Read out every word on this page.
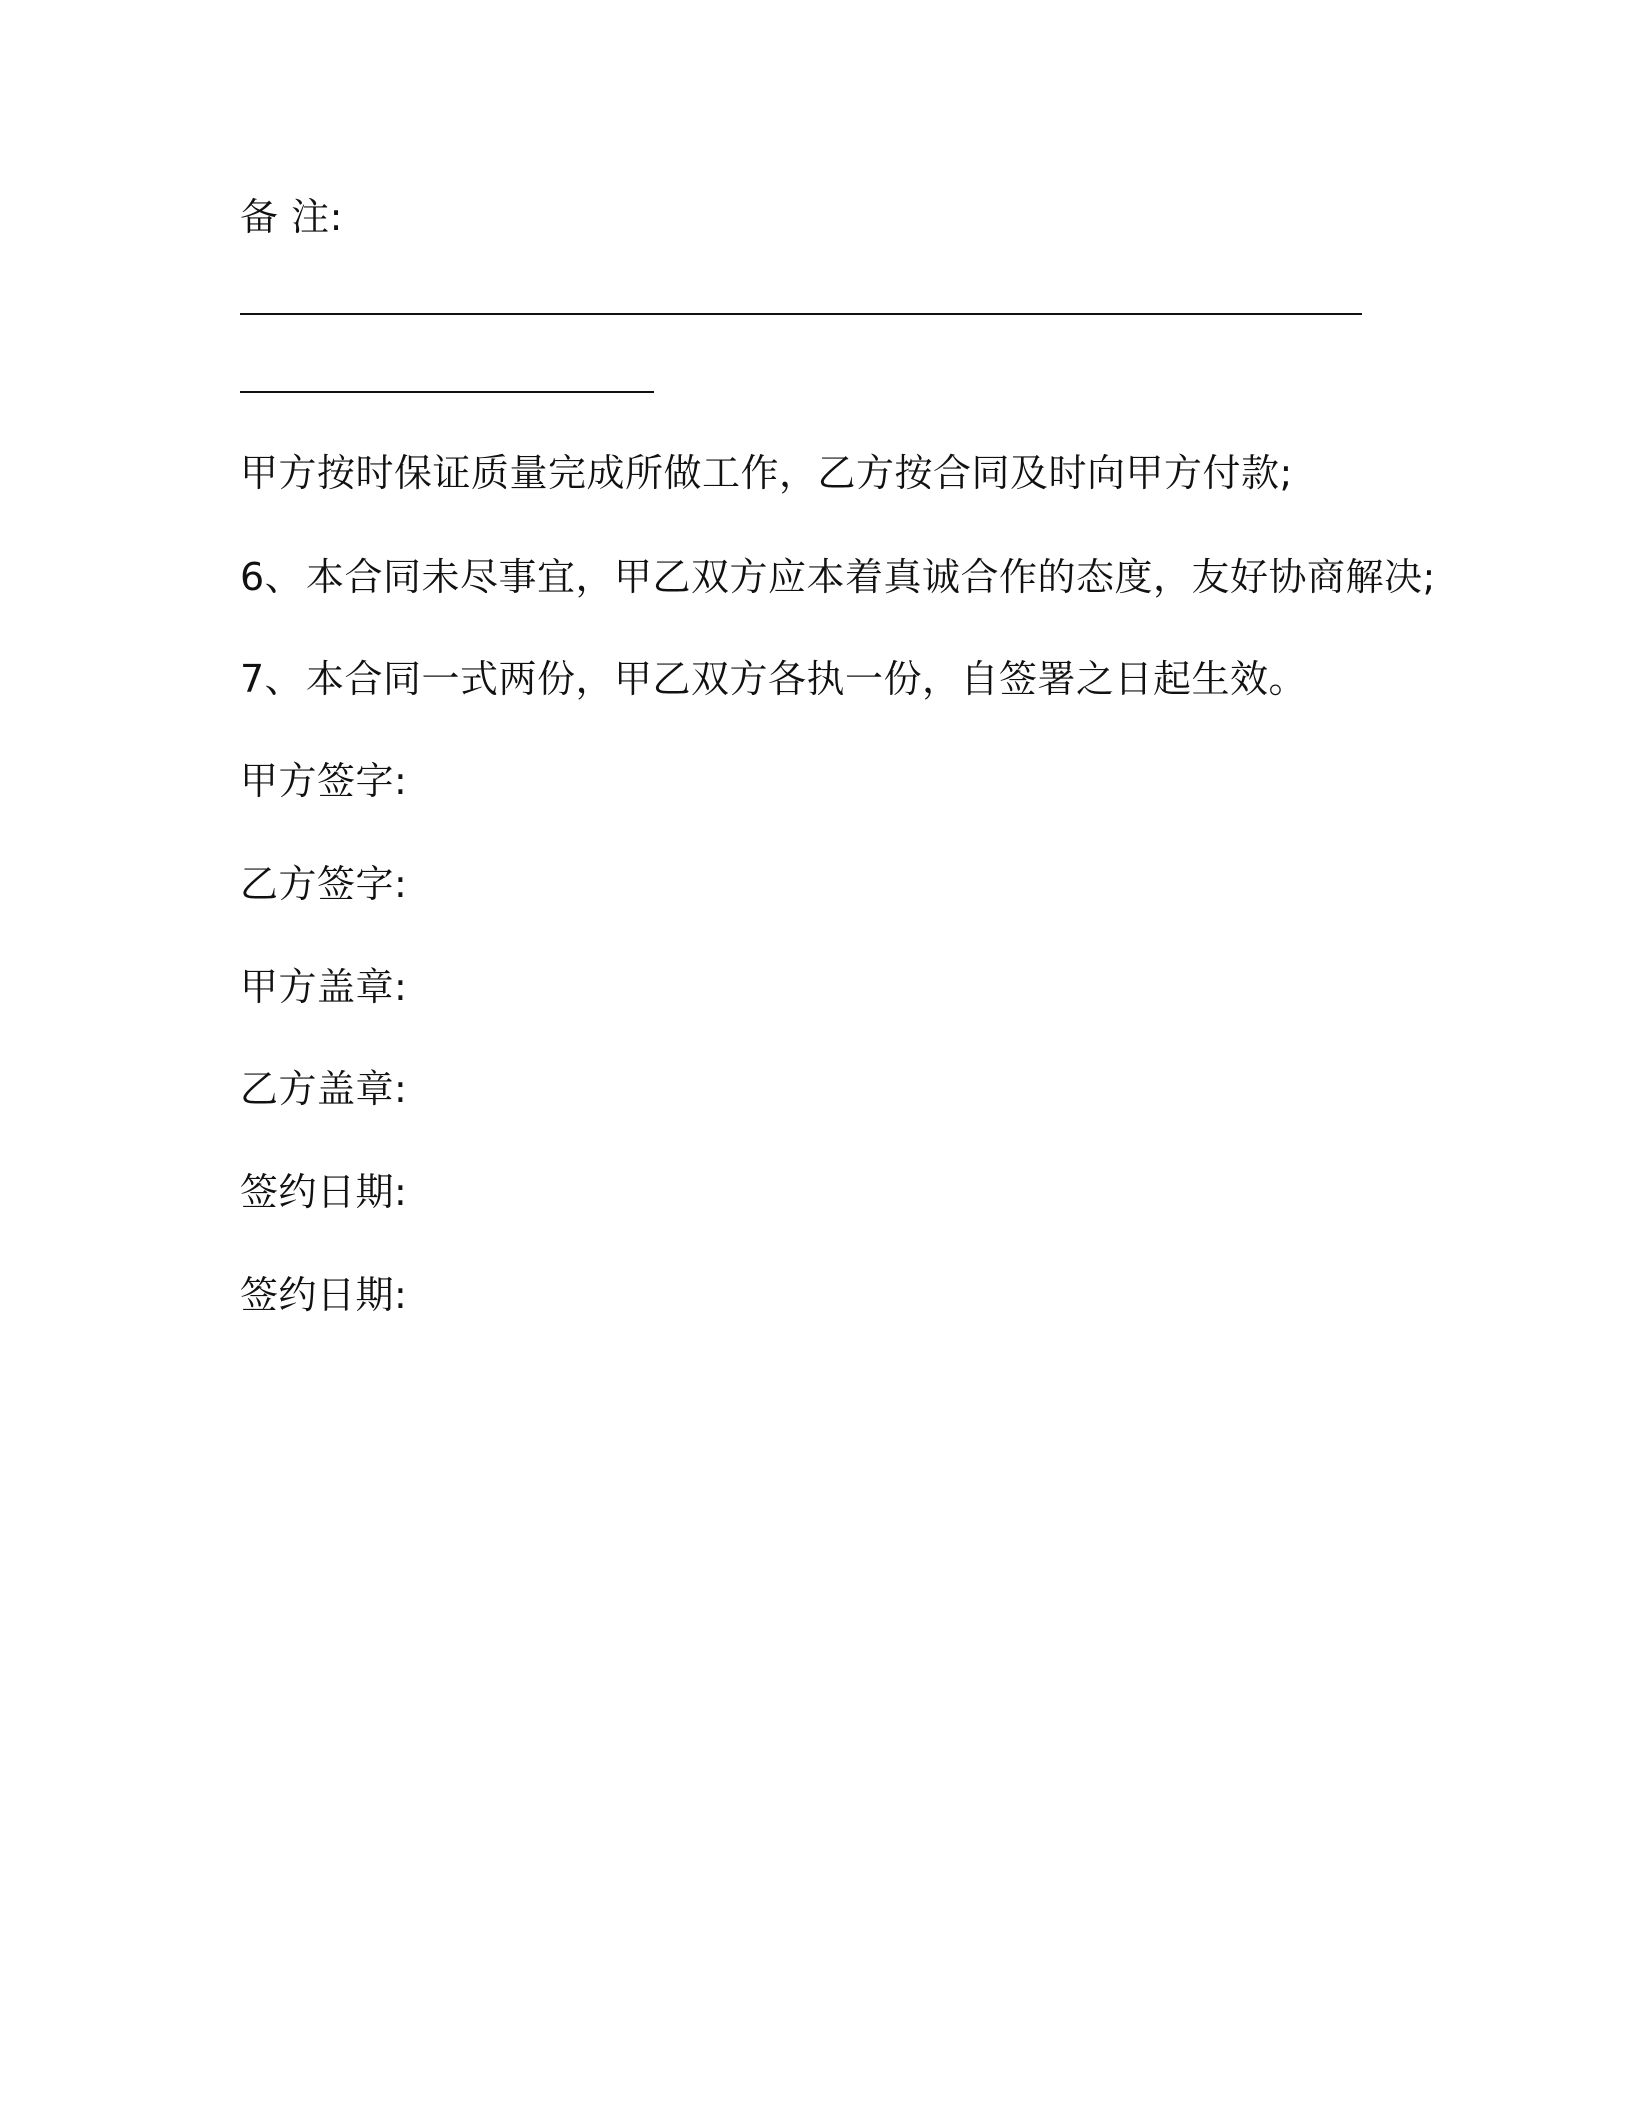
备 注:
甲方按时保证质量完成所做工作，乙方按合同及时向甲方付款;
6、本合同未尽事宜，甲乙双方应本着真诚合作的态度，友好协商解决;
7、本合同一式两份，甲乙双方各执一份，自签署之日起生效。
甲方签字:
乙方签字:
甲方盖章:
乙方盖章:
签约日期:
签约日期:
